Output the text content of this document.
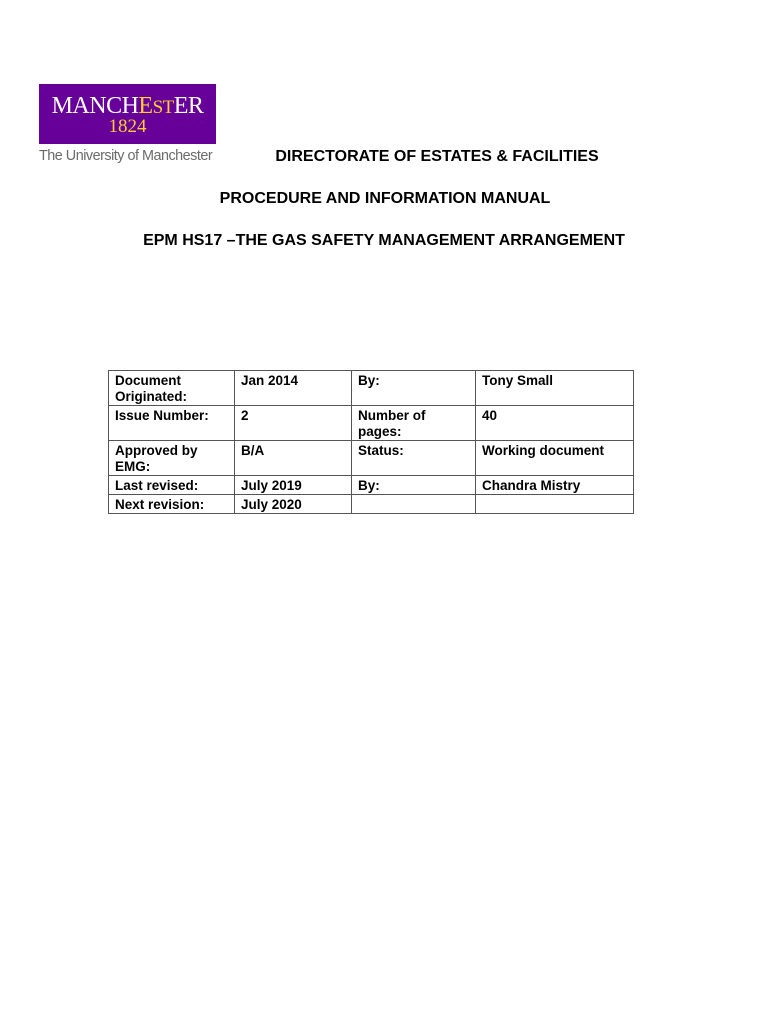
MANCHESTER
1824
The University of Manchester	DIRECTORATE OF ESTATES & FACILITIES
PROCEDURE AND INFORMATION MANUAL
EPM HS17 –THE GAS SAFETY MANAGEMENT ARRANGEMENT
Document Originated:	Jan 2014	By:	Tony Small
Issue Number:	2	Number of pages:	40
Approved by EMG:	B/A	Status:	Working document
Last revised:	July 2019	By:	Chandra Mistry
Next revision:	July 2020		
